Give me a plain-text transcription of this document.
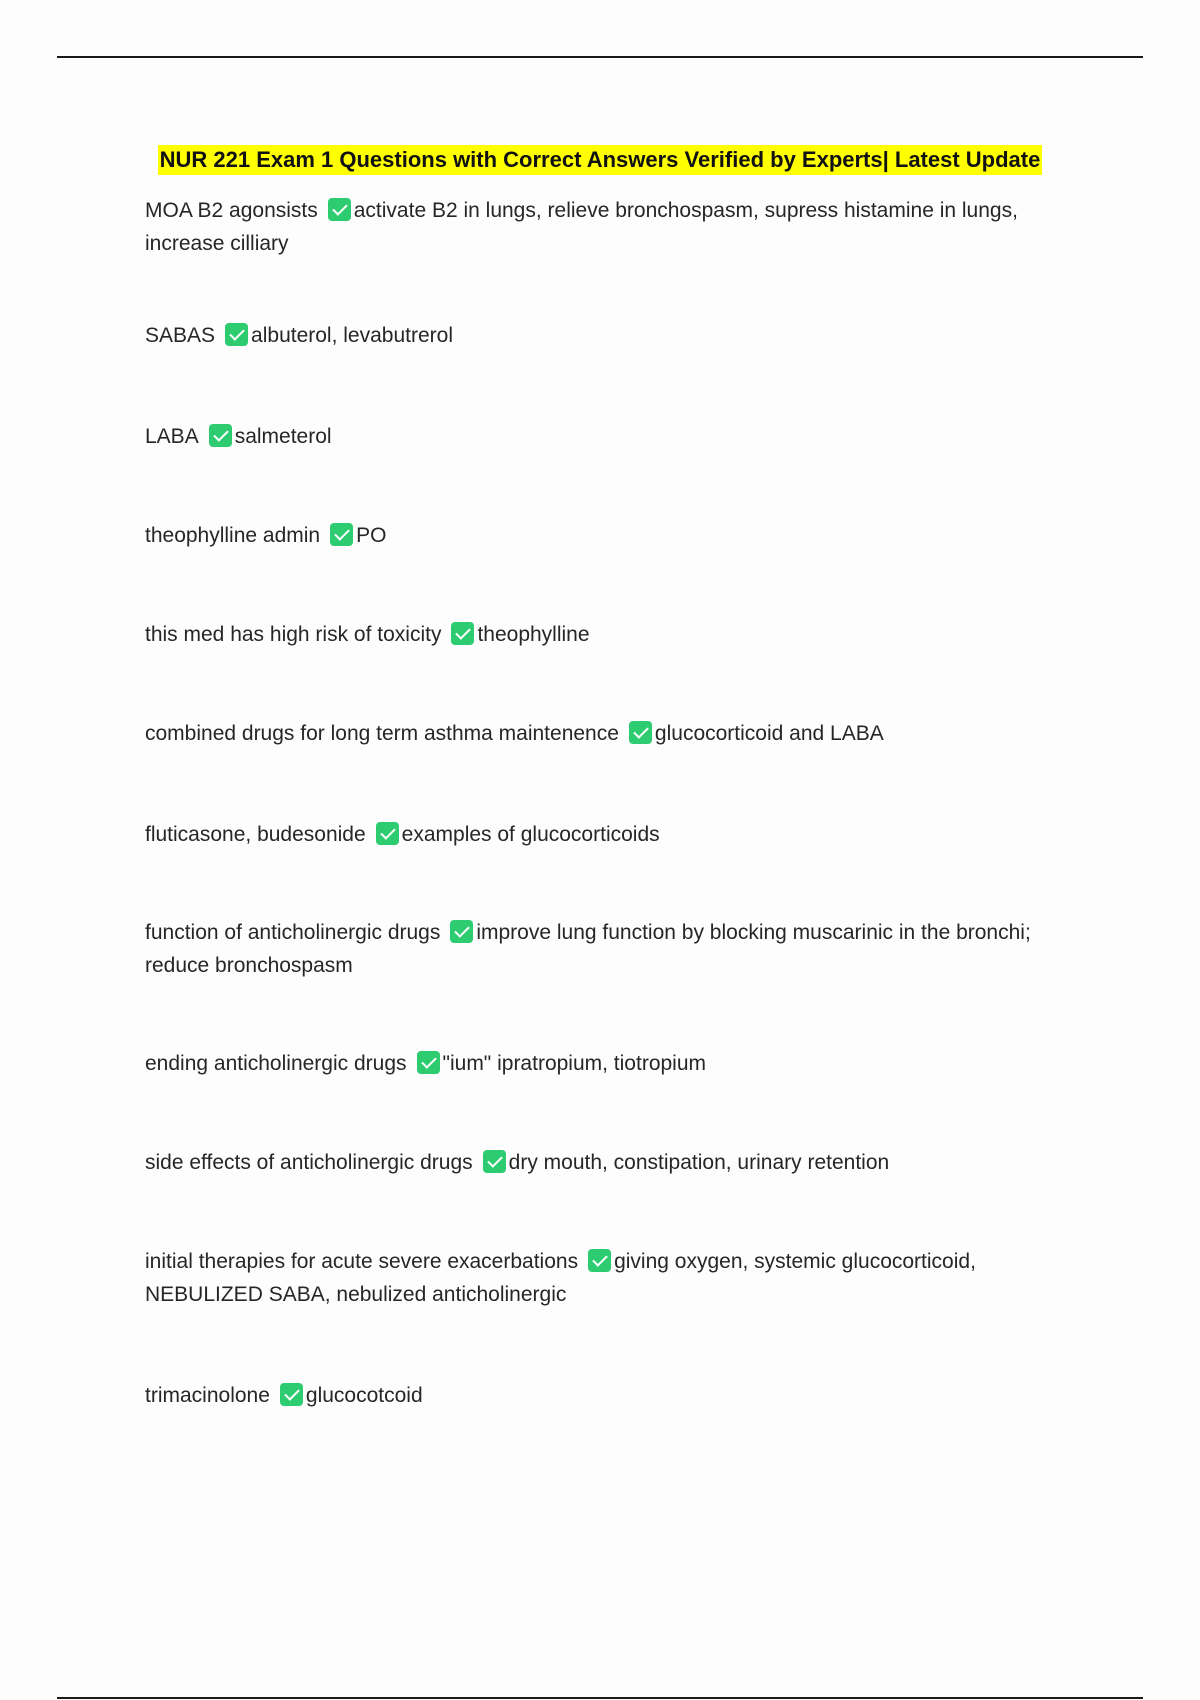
NUR 221 Exam 1 Questions with Correct Answers Verified by Experts| Latest Update

MOA B2 agonsists activate B2 in lungs, relieve bronchospasm, supress histamine in lungs, increase cilliary

SABAS albuterol, levabutrerol

LABA salmeterol

theophylline admin PO

this med has high risk of toxicity theophylline

combined drugs for long term asthma maintenence glucocorticoid and LABA

fluticasone, budesonide examples of glucocorticoids

function of anticholinergic drugs improve lung function by blocking muscarinic in the bronchi; reduce bronchospasm

ending anticholinergic drugs "ium" ipratropium, tiotropium

side effects of anticholinergic drugs dry mouth, constipation, urinary retention

initial therapies for acute severe exacerbations giving oxygen, systemic glucocorticoid, NEBULIZED SABA, nebulized anticholinergic

trimacinolone glucocotcoid
